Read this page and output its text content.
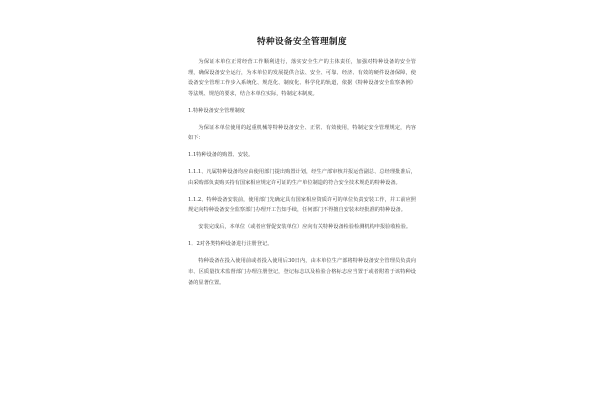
特种设备安全管理制度
为保证本单位正常经营工作顺利进行，落实安全生产的主体责任，加强对特种设备的安全管理，确保设备安全运行，为本单位的发展提供合法、安全、可靠、经济、有效的硬件设备保障，使设备安全管理工作步入系统化、规范化、制度化、科学化的轨道，依据《特种设备安全监察条例》等法规、规范的要求，结合本单位实际，特制定本制度。
1.特种设备安全管理制度
为保证本单位使用的起重机械等特种设备安全、正常、有效使用，特制定安全管理规定，内容如下：
1.1特种设备的购置、安装。
1.1.1、凡属特种设备均应由使用部门提出购置计划，经生产部审核并报运营副总、总经理批准后，由采购部负责购买持有国家相应规定许可证的生产单位制造的符合安全技术规范的特种设备。
1.1.2、特种设备安装前，使用部门先确定具有国家相应资质许可的单位负责安装工作，并工前应照规定向特种设备安全监察部门办理开工告知手续，任何部门不得擅自安装未经批准的特种设备。
安装完成后，本单位（或者应督促安装单位）应向有关特种设备检验检测机构申报验收检验。
1．2对各类特种设备进行注册登记。
特种设备在投入使用前或者投入使用后30日内，由本单位生产部将特种设备安全管理员负责向市、区质量技术监督部门办理注册登记，登记标志以及检验合格标志应当置于或者附着于该特种设备的显著位置。
